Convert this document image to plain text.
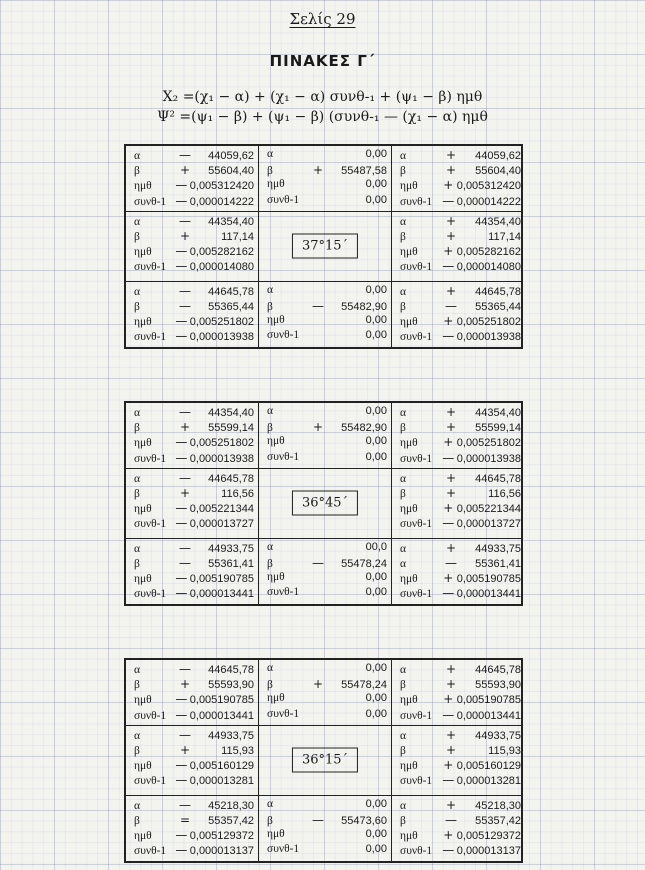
Σελίς 29
ΠΙΝΑΚΕΣ Γ΄
X₂ =(χ₁ − α) + (χ₁ − α) συνθ-₁ + (ψ₁ − β) ημθ
Ψ² =(ψ₁ − β) + (ψ₁ − β) (συνθ-₁ — (χ₁ − α) ημθ
α	—	44059,62
β	+	55604,40
ημθ	— 0,005312420
συνθ-1 — 0,000014222
α	0,00
β	+	55487,58
ημθ	0,00
συνθ-1	0,00
α	+	44059,62
β	+	55604,40
ημθ	+ 0,005312420
συνθ-1 — 0,000014222
α	—	44354,40
β	+	117,14
ημθ	— 0,005282162
συνθ-1 — 0,000014080
37°15΄
α	+	44354,40
β	+	117,14
ημθ	+ 0,005282162
συνθ-1 — 0,000014080
α	—	44645,78
β	—	55365,44
ημθ	— 0,005251802
συνθ-1 — 0,000013938
α	0,00
β	—	55482,90
ημθ	0,00
συνθ-1	0,00
α	+	44645,78
β	—	55365,44
ημθ	+ 0,005251802
συνθ-1 — 0,000013938
α	—	44354,40
β	+	55599,14
ημθ	— 0,005251802
συνθ-1 — 0,000013938
α	0,00
β	+	55482,90
ημθ	0,00
συνθ-1	0,00
α	+	44354,40
β	+	55599,14
ημθ	+ 0,005251802
συνθ-1 — 0,000013938
α	—	44645,78
β	+	116,56
ημθ	— 0,005221344
συνθ-1 — 0,000013727
36°45΄
α	+	44645,78
β	+	116,56
ημθ	+ 0,005221344
συνθ-1 — 0,000013727
α	—	44933,75
β	—	55361,41
ημθ	— 0,005190785
συνθ-1 — 0,000013441
α	00,0
β	—	55478,24
ημθ	0,00
συνθ-1	0,00
α	+	44933,75
α	—	55361,41
ημθ	+ 0,005190785
συνθ-1 — 0,000013441
α	—	44645,78
β	+	55593,90
ημθ	— 0,005190785
συνθ-1 — 0,000013441
α	0,00
β	+	55478,24
ημθ	0,00
συνθ-1	0,00
α	+	44645,78
β	+	55593,90
ημθ	+ 0,005190785
συνθ-1 — 0,000013441
α	—	44933,75
β	+	115,93
ημθ	— 0,005160129
συνθ-1 — 0,000013281
36°15΄
α	+	44933,75
β	+	115,93
ημθ	+ 0,005160129
συνθ-1 — 0,000013281
α	—	45218,30
β	=	55357,42
ημθ	— 0,005129372
συνθ-1 — 0,000013137
α	0,00
β	—	55473,60
ημθ	0,00
συνθ-1	0,00
α	+	45218,30
β	—	55357,42
ημθ	+ 0,005129372
συνθ-1 — 0,000013137
